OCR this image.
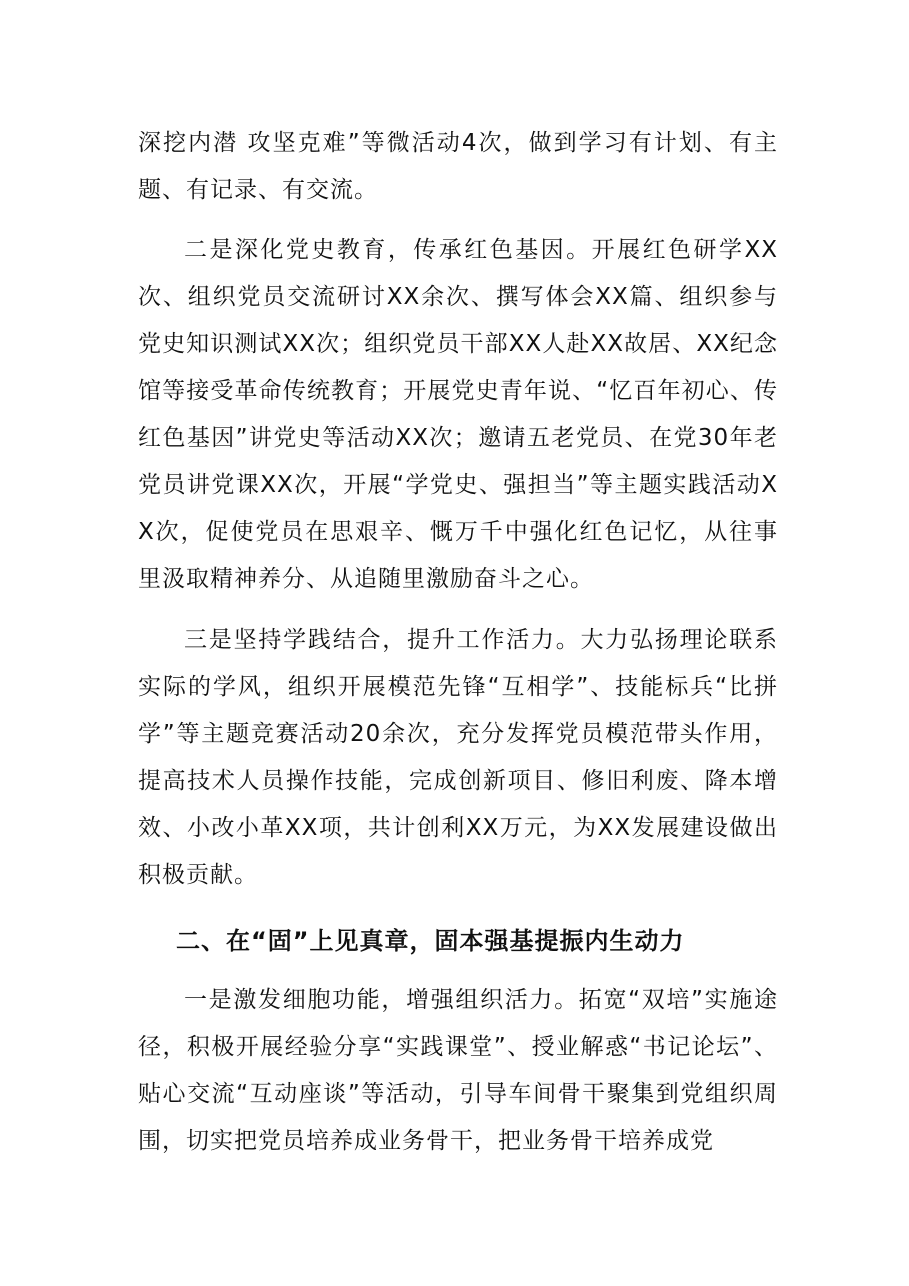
深挖内潜 攻坚克难”等微活动4次，做到学习有计划、有主题、有记录、有交流。

二是深化党史教育，传承红色基因。开展红色研学XX次、组织党员交流研讨XX余次、撰写体会XX篇、组织参与党史知识测试XX次；组织党员干部XX人赴XX故居、XX纪念馆等接受革命传统教育；开展党史青年说、“忆百年初心、传红色基因”讲党史等活动XX次；邀请五老党员、在党30年老党员讲党课XX次，开展“学党史、强担当”等主题实践活动XX次，促使党员在思艰辛、慨万千中强化红色记忆，从往事里汲取精神养分、从追随里激励奋斗之心。

三是坚持学践结合，提升工作活力。大力弘扬理论联系实际的学风，组织开展模范先锋“互相学”、技能标兵“比拼学”等主题竞赛活动20余次，充分发挥党员模范带头作用，提高技术人员操作技能，完成创新项目、修旧利废、降本增效、小改小革XX项，共计创利XX万元，为XX发展建设做出积极贡献。

二、在“固”上见真章，固本强基提振内生动力

一是激发细胞功能，增强组织活力。拓宽“双培”实施途径，积极开展经验分享“实践课堂”、授业解惑“书记论坛”、贴心交流“互动座谈”等活动，引导车间骨干聚集到党组织周围，切实把党员培养成业务骨干，把业务骨干培养成党
